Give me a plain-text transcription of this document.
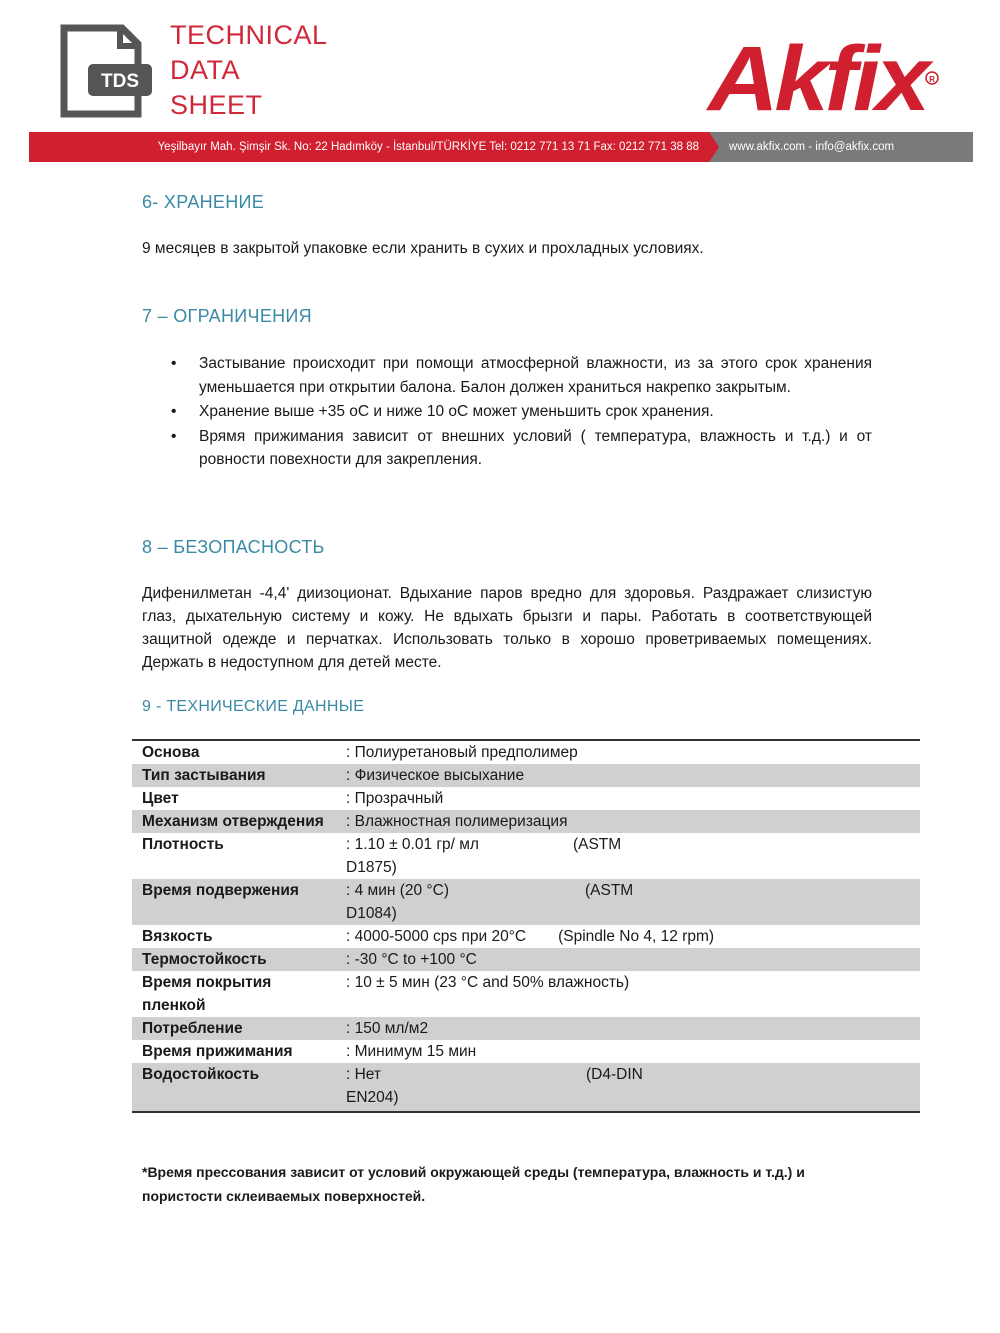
TDS
TECHNICAL
DATA
SHEET	Akfix
R
Yeşilbayır Mah. Şimşir Sk. No: 22 Hadımköy - İstanbul/TÜRKİYE Tel: 0212 771 13 71 Fax: 0212 771 38 88	www.akfix.com - info@akfix.com
6- ХРАНЕНИЕ
9 месяцев в закрытой упаковке если хранить в сухих и прохладных условиях.
7 – ОГРАНИЧЕНИЯ
• Застывание происходит при помощи атмосферной влажности, из за этого срок хранения уменьшается при открытии балона. Балон должен храниться накрепко закрытым.
• Хранение выше +35 оС и ниже 10 оС может уменьшить срок хранения.
• Врямя прижимания зависит от внешних условий ( температура, влажность и т.д.) и от ровности повехности для закрепления.
8 – БЕЗОПАСНОСТЬ
Дифенилметан -4,4' диизоционат. Вдыхание паров вредно для здоровья. Раздражает слизистую глаз, дыхательную систему и кожу. Не вдыхать брызги и пары. Работать в соответствующей защитной одежде и перчатках. Использовать только в хорошо проветриваемых помещениях. Держать в недоступном для детей месте.
9 - ТЕХНИЧЕСКИЕ ДАННЫЕ
Основа	: Полиуретановый предполимер
Тип застывания	: Физическое высыхание
Цвет	: Прозрачный
Механизм отверждения	: Влажностная полимеризация
Плотность	: 1.10 ± 0.01 гр/ мл	(ASTM D1875)
Время подвержения	: 4 мин (20 °C)	(ASTM D1084)
Вязкость	: 4000-5000 cps при 20°C (Spindle No 4, 12 rpm)
Термостойкость	: -30 °C to +100 °C
Время покрытия пленкой
: 10 ± 5 мин (23 °C and 50% влажность)
Потребление	: 150 мл/м2
Время прижимания	: Минимум 15 мин
Водостойкость	: Нет	(D4-DIN EN204)
*Время прессования зависит от условий окружающей среды (температура, влажность и т.д.) и пористости склеиваемых поверхностей.
